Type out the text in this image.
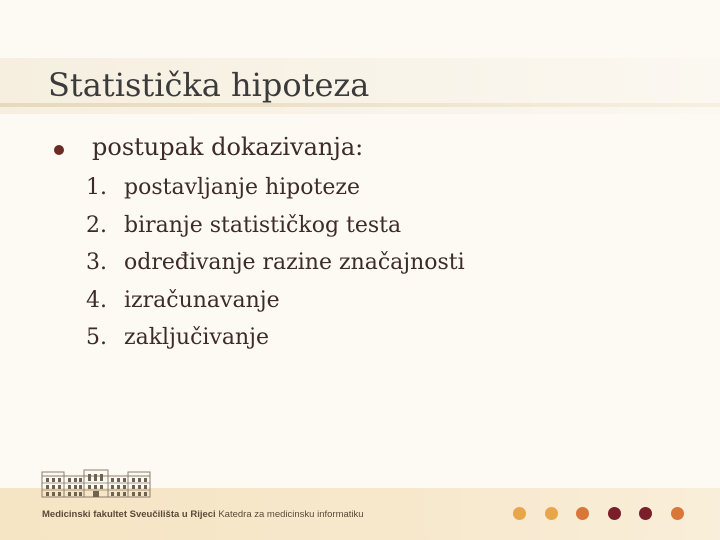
Statistička hipoteza
postupak dokazivanja:
1. postavljanje hipoteze
2. biranje statističkog testa
3. određivanje razine značajnosti
4. izračunavanje
5. zaključivanje
Medicinski fakultet Sveučilišta u Rijeci Katedra za medicinsku informatiku
